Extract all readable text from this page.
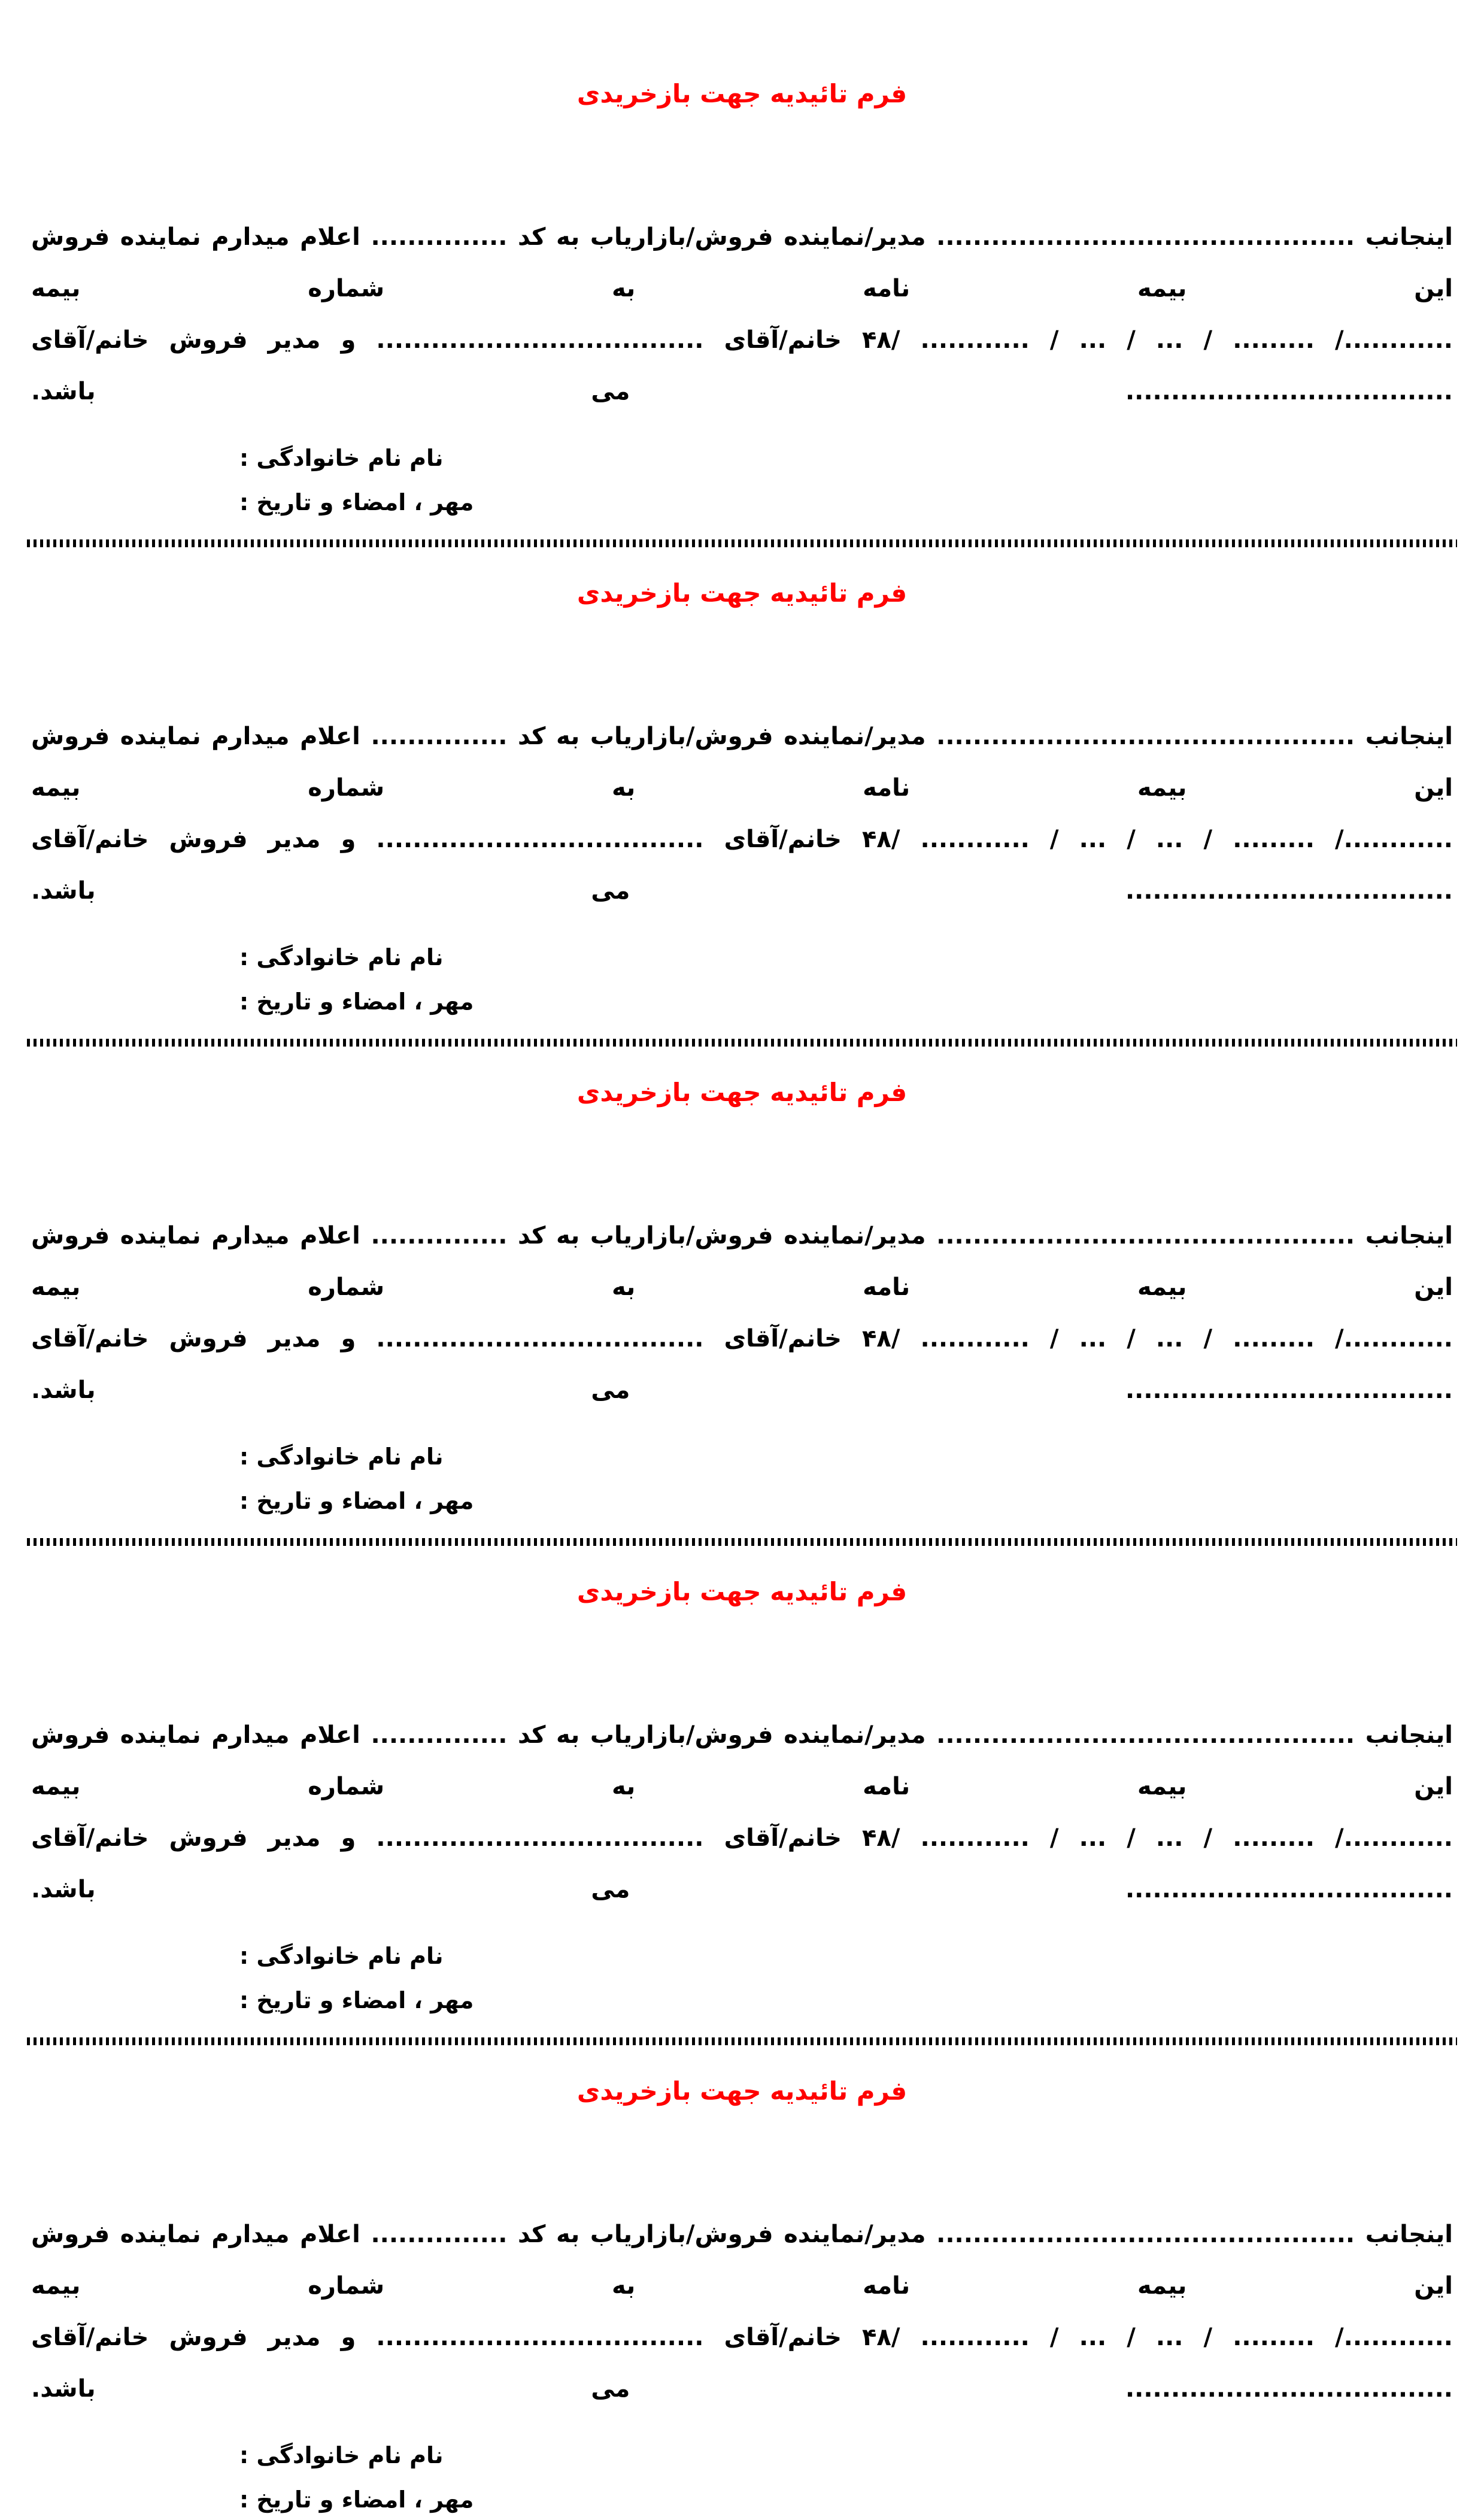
فرم تائیدیه جهت بازخریدی

اینجانب .............................................. مدیر/نماینده فروش/بازاریاب به کد ............... اعلام میدارم نماینده فروش این بیمه نامه به شماره بیمه

............/ ......... / ... / ... / ............ /۴۸ خانم/آقای .................................... و مدیر فروش خانم/آقای .................................... می باشد.

نام نام خانوادگی :

مهر ، امضاء و تاریخ :

فرم تائیدیه جهت بازخریدی

اینجانب .............................................. مدیر/نماینده فروش/بازاریاب به کد ............... اعلام میدارم نماینده فروش این بیمه نامه به شماره بیمه

............/ ......... / ... / ... / ............ /۴۸ خانم/آقای .................................... و مدیر فروش خانم/آقای .................................... می باشد.

نام نام خانوادگی :

مهر ، امضاء و تاریخ :

فرم تائیدیه جهت بازخریدی

اینجانب .............................................. مدیر/نماینده فروش/بازاریاب به کد ............... اعلام میدارم نماینده فروش این بیمه نامه به شماره بیمه

............/ ......... / ... / ... / ............ /۴۸ خانم/آقای .................................... و مدیر فروش خانم/آقای .................................... می باشد.

نام نام خانوادگی :

مهر ، امضاء و تاریخ :

فرم تائیدیه جهت بازخریدی

اینجانب .............................................. مدیر/نماینده فروش/بازاریاب به کد ............... اعلام میدارم نماینده فروش این بیمه نامه به شماره بیمه

............/ ......... / ... / ... / ............ /۴۸ خانم/آقای .................................... و مدیر فروش خانم/آقای .................................... می باشد.

نام نام خانوادگی :

مهر ، امضاء و تاریخ :

فرم تائیدیه جهت بازخریدی

اینجانب .............................................. مدیر/نماینده فروش/بازاریاب به کد ............... اعلام میدارم نماینده فروش این بیمه نامه به شماره بیمه

............/ ......... / ... / ... / ............ /۴۸ خانم/آقای .................................... و مدیر فروش خانم/آقای .................................... می باشد.

نام نام خانوادگی :

مهر ، امضاء و تاریخ :
